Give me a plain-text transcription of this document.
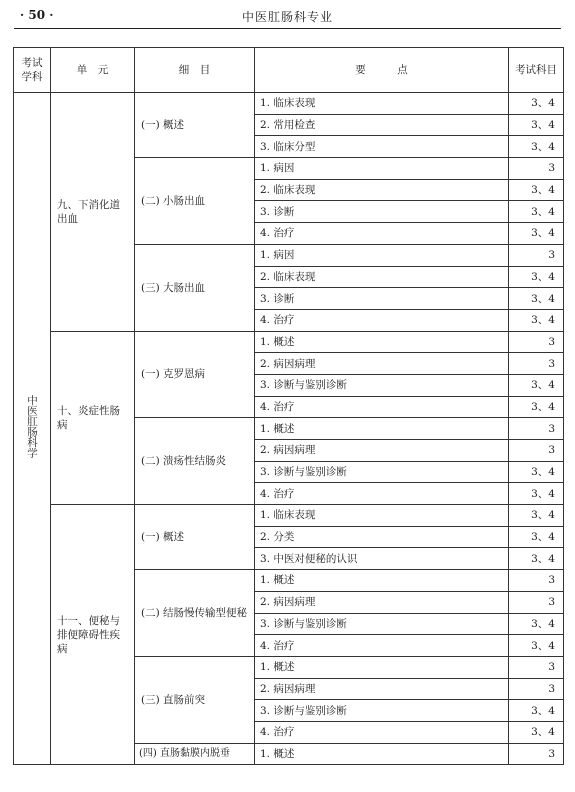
· 50 ·	中医肛肠科专业
考试学科	单　元	细　目	要　　　点	考试科目
中医肛肠科学	九、下消化道出血	(一) 概述	1. 临床表现	3、4
			2. 常用检查	3、4
			3. 临床分型	3、4
		(二) 小肠出血	1. 病因	3
			2. 临床表现	3、4
			3. 诊断	3、4
			4. 治疗	3、4
		(三) 大肠出血	1. 病因	3
			2. 临床表现	3、4
			3. 诊断	3、4
			4. 治疗	3、4
	十、炎症性肠病	(一) 克罗恩病	1. 概述	3
			2. 病因病理	3
			3. 诊断与鉴别诊断	3、4
			4. 治疗	3、4
		(二) 溃疡性结肠炎	1. 概述	3
			2. 病因病理	3
			3. 诊断与鉴别诊断	3、4
			4. 治疗	3、4
	十一、便秘与排便障碍性疾病	(一) 概述	1. 临床表现	3、4
			2. 分类	3、4
			3. 中医对便秘的认识	3、4
		(二) 结肠慢传输型便秘	1. 概述	3
			2. 病因病理	3
			3. 诊断与鉴别诊断	3、4
			4. 治疗	3、4
		(三) 直肠前突	1. 概述	3
			2. 病因病理	3
			3. 诊断与鉴别诊断	3、4
			4. 治疗	3、4
		(四) 直肠黏膜内脱垂	1. 概述	3
